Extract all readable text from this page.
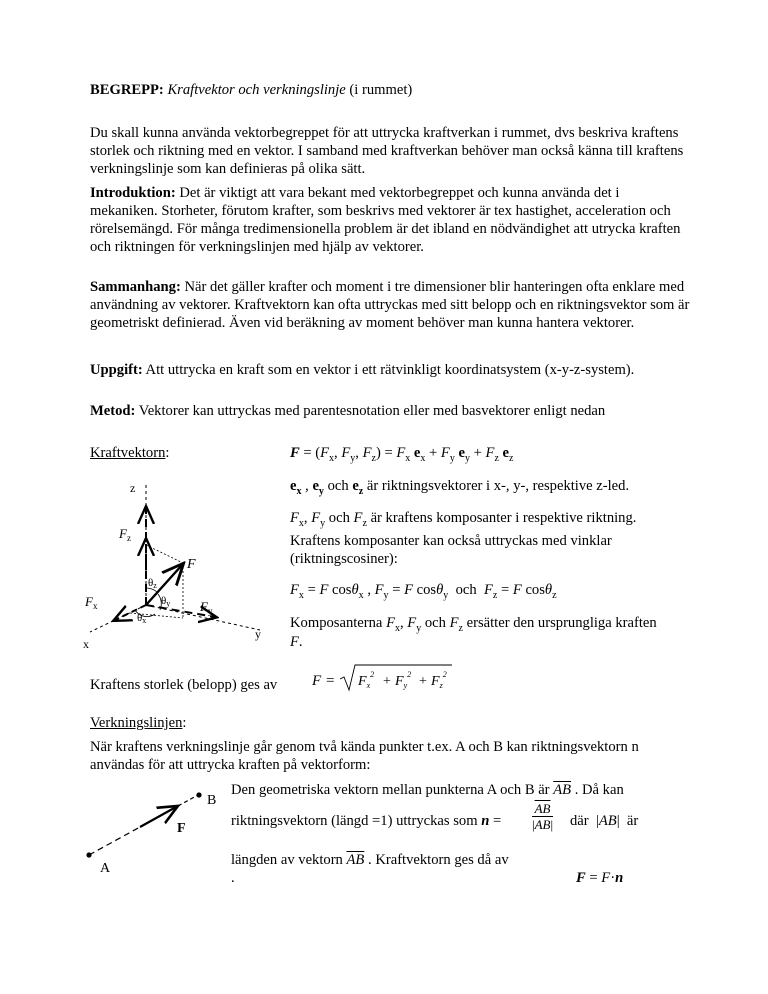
BEGREPP: Kraftvektor och verkningslinje (i rummet)

Du skall kunna använda vektorbegreppet för att uttrycka kraftverkan i rummet, dvs beskriva kraftens storlek och riktning med en vektor. I samband med kraftverkan behöver man också känna till kraftens verkningslinje som kan definieras på olika sätt.

Introduktion: Det är viktigt att vara bekant med vektorbegreppet och kunna använda det i mekaniken. Storheter, förutom krafter, som beskrivs med vektorer är tex hastighet, acceleration och rörelsemängd. För många tredimensionella problem är det ibland en nödvändighet att utrycka kraften och riktningen för verkningslinjen med hjälp av vektorer.

Sammanhang: När det gäller krafter och moment i tre dimensioner blir hanteringen ofta enklare med användning av vektorer. Kraftvektorn kan ofta uttryckas med sitt belopp och en riktningsvektor som är geometriskt definierad. Även vid beräkning av moment behöver man kunna hantera vektorer.

Uppgift: Att uttrycka en kraft som en vektor i ett rätvinkligt koordinatsystem (x-y-z-system).

Metod: Vektorer kan uttryckas med parentesnotation eller med basvektorer enligt nedan

Kraftvektorn:	$F = (F_x$, $F_y$, $F_z) = F_x$ $e_x + F_y$ $e_y + F_z$ $e_z$

$e_x$ , $e_y$ och $e_z$ är riktningsvektorer i x-, y-, respektive z-led.

$F_x$, $F_y$ och $F_z$ är kraftens komposanter i respektive riktning.

Kraftens komposanter kan också uttryckas med vinklar (riktningscosiner):

$F_x = F$ cosθ$_x$ , $F_y = F$ cosθ$_y$ och $F_z = F$ cosθ$_z$

Komposanterna $F_x$, $F_y$ och $F_z$ ersätter den ursprungliga kraften

F.

z
y
x
F
$F_z$
$F_x$	$F_y$
θz
θy
θx

Kraftens storlek (belopp) ges av $F = F_x^2 + F_y^2 + F_z^2$

Verkningslinjen:

När kraftens verkningslinje går genom två kända punkter t.ex. A och B kan riktningsvektorn n användas för att uttrycka kraften på vektorform:

Den geometriska vektorn mellan punkterna A och B är $\overline{AB}$ . Då kan

riktningsvektorn (längd =1) uttryckas som n =

$\overline{AB}$
|AB| där  |AB|  är

längden av vektorn $\overline{AB}$ . Kraftvektorn ges då av

.	F = F·n

A
B
F
